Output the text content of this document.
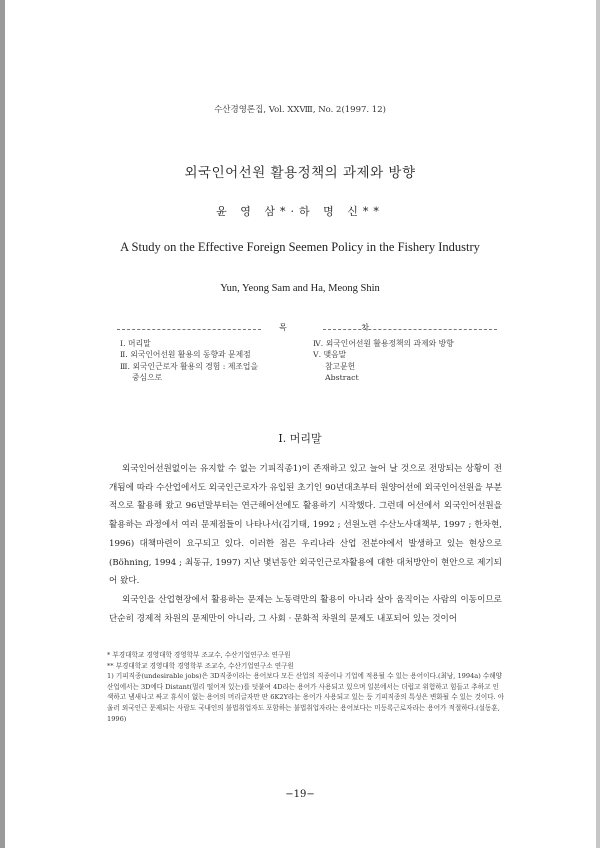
수산경영론집, Vol. XXⅧ, No. 2(1997. 12)
외국인어선원 활용정책의 과제와 방향
윤 영 삼*·하 명 신**
A Study on the Effective Foreign Seemen Policy in the Fishery Industry
Yun, Yeong Sam and Ha, Meong Shin
목 차
Ⅰ. 머리말
Ⅱ. 외국인어선원 활용의 동향과 문제점
Ⅲ. 외국인근로자 활용의 경험 : 제조업을
중심으로
Ⅳ. 외국인어선원 활용정책의 과제와 방향
Ⅴ. 맺음말
참고문헌
Abstract
Ⅰ. 머리말

외국인어선원없이는 유지할 수 없는 기피직종1)이 존재하고 있고 늘어 날 것으로 전망되는 상황이 전개됨에 따라 수산업에서도 외국인근로자가 유입된 초기인 90년대초부터 원양어선에 외국인어선원을 부분적으로 활용해 왔고 96년말부터는 연근해어선에도 활용하기 시작했다. 그런데 어선에서 외국인어선원을 활용하는 과정에서 여러 문제점들이 나타나서(김기태, 1992 ; 선원노련 수산노사대책부, 1997 ; 한차현, 1996) 대책마련이 요구되고 있다. 이러한 점은 우리나라 산업 전분야에서 발생하고 있는 현상으로(Böhning, 1994 ; 최동규, 1997) 지난 몇년동안 외국인근로자활용에 대한 대처방안이 현안으로 제기되어 왔다.

외국인을 산업현장에서 활용하는 문제는 노동력만의 활용이 아니라 살아 움직이는 사람의 이동이므로 단순히 경제적 차원의 문제만이 아니라, 그 사회 · 문화적 차원의 문제도 내포되어 있는 것이어

* 부경대학교 경영대학 경영학부 조교수, 수산기업연구소 연구원
** 부경대학교 경영대학 경영학부 조교수, 수산기업연구소 연구원
1) 기피직종(undesirable jobs)은 3D직종이라는 용어보다 모든 산업의 직종이나 기업에 적용될 수 있는 용어이다.(최낭, 1994a) 수해양산업에서는 3D에다 Distant(멀리 떨어져 있는)를 덧붙여 4D라는 용어가 사용되고 있으며 일본에서는 더럽고 위험하고 힘들고 추하고 인색하고 냄새나고 싸고 휴식이 없는 용어의 머리글자만 딴 6K2Y라는 용어가 사용되고 있는 등 기피직종의 특성은 변화될 수 있는 것이다. 아울러 외국인근 문제되는 사람도 국내인의 불법취업자도 포함하는 불법취업자라는 용어보다는 미등록근로자라는 용어가 적절하다.(설동훈, 1996)
−19−
